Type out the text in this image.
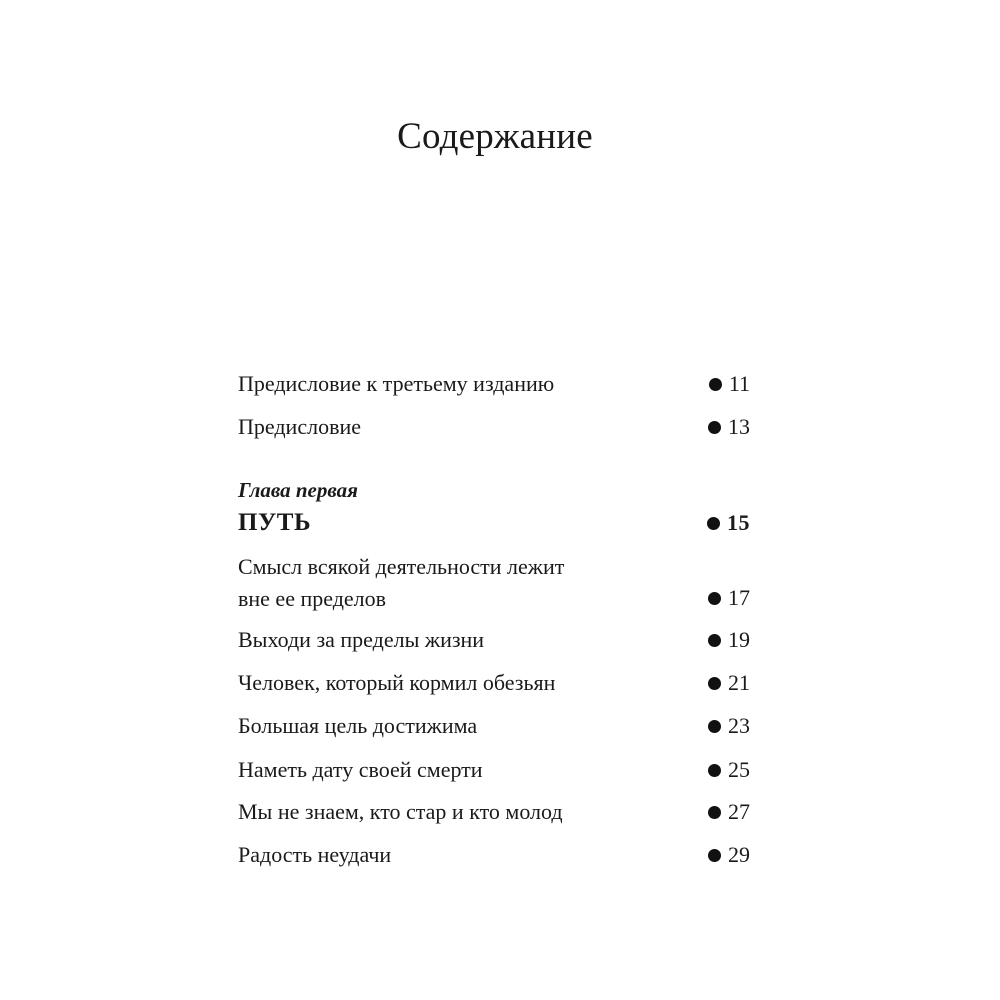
Содержание
Предисловие к третьему изданию	11
Предисловие	13
Глава первая
ПУТЬ	15
Смысл всякой деятельности лежит
вне ее пределов	17
Выходи за пределы жизни	19
Человек, который кормил обезьян	21
Большая цель достижима	23
Наметь дату своей смерти	25
Мы не знаем, кто стар и кто молод	27
Радость неудачи	29
